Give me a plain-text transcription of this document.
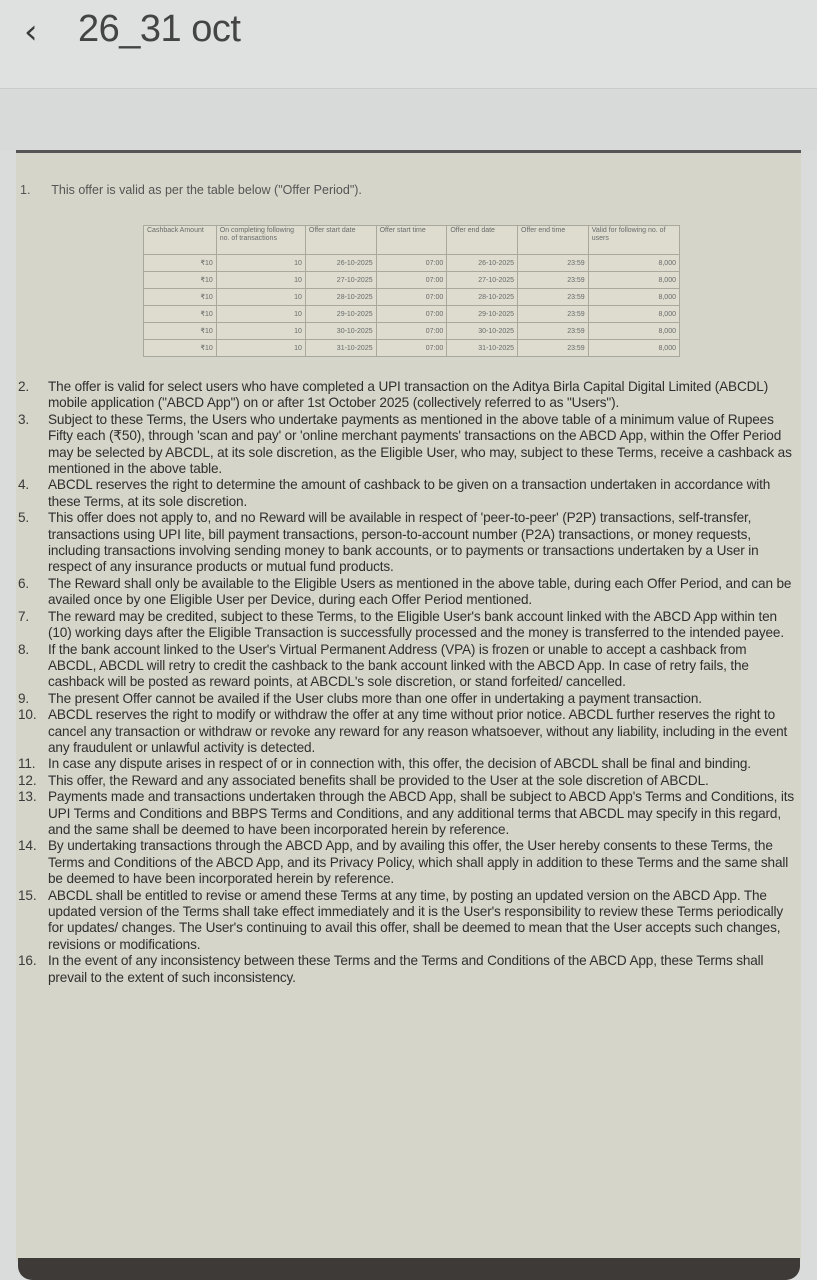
‹	26_31 oct
1. This offer is valid as per the table below ("Offer Period").
Cashback Amount	On completing following no. of transactions	Offer start date	Offer start time	Offer end date	Offer end time	Valid for following no. of users
₹10	10	26-10-2025	07:00	26-10-2025	23:59	8,000
₹10	10	27-10-2025	07:00	27-10-2025	23:59	8,000
₹10	10	28-10-2025	07:00	28-10-2025	23:59	8,000
₹10	10	29-10-2025	07:00	29-10-2025	23:59	8,000
₹10	10	30-10-2025	07:00	30-10-2025	23:59	8,000
₹10	10	31-10-2025	07:00	31-10-2025	23:59	8,000
2. The offer is valid for select users who have completed a UPI transaction on the Aditya Birla Capital Digital Limited (ABCDL) mobile application ("ABCD App") on or after 1st October 2025 (collectively referred to as "Users").
3. Subject to these Terms, the Users who undertake payments as mentioned in the above table of a minimum value of Rupees Fifty each (₹50), through 'scan and pay' or 'online merchant payments' transactions on the ABCD App, within the Offer Period may be selected by ABCDL, at its sole discretion, as the Eligible User, who may, subject to these Terms, receive a cashback as mentioned in the above table.
4. ABCDL reserves the right to determine the amount of cashback to be given on a transaction undertaken in accordance with these Terms, at its sole discretion.
5. This offer does not apply to, and no Reward will be available in respect of 'peer-to-peer' (P2P) transactions, self-transfer, transactions using UPI lite, bill payment transactions, person-to-account number (P2A) transactions, or money requests, including transactions involving sending money to bank accounts, or to payments or transactions undertaken by a User in respect of any insurance products or mutual fund products.
6. The Reward shall only be available to the Eligible Users as mentioned in the above table, during each Offer Period, and can be availed once by one Eligible User per Device, during each Offer Period mentioned.
7. The reward may be credited, subject to these Terms, to the Eligible User's bank account linked with the ABCD App within ten (10) working days after the Eligible Transaction is successfully processed and the money is transferred to the intended payee.
8. If the bank account linked to the User's Virtual Permanent Address (VPA) is frozen or unable to accept a cashback from ABCDL, ABCDL will retry to credit the cashback to the bank account linked with the ABCD App. In case of retry fails, the cashback will be posted as reward points, at ABCDL's sole discretion, or stand forfeited/ cancelled.
9. The present Offer cannot be availed if the User clubs more than one offer in undertaking a payment transaction.
10. ABCDL reserves the right to modify or withdraw the offer at any time without prior notice. ABCDL further reserves the right to cancel any transaction or withdraw or revoke any reward for any reason whatsoever, without any liability, including in the event any fraudulent or unlawful activity is detected.
11. In case any dispute arises in respect of or in connection with, this offer, the decision of ABCDL shall be final and binding.
12. This offer, the Reward and any associated benefits shall be provided to the User at the sole discretion of ABCDL.
13. Payments made and transactions undertaken through the ABCD App, shall be subject to ABCD App's Terms and Conditions, its UPI Terms and Conditions and BBPS Terms and Conditions, and any additional terms that ABCDL may specify in this regard, and the same shall be deemed to have been incorporated herein by reference.
14. By undertaking transactions through the ABCD App, and by availing this offer, the User hereby consents to these Terms, the Terms and Conditions of the ABCD App, and its Privacy Policy, which shall apply in addition to these Terms and the same shall be deemed to have been incorporated herein by reference.
15. ABCDL shall be entitled to revise or amend these Terms at any time, by posting an updated version on the ABCD App. The updated version of the Terms shall take effect immediately and it is the User's responsibility to review these Terms periodically for updates/ changes. The User's continuing to avail this offer, shall be deemed to mean that the User accepts such changes, revisions or modifications.
16. In the event of any inconsistency between these Terms and the Terms and Conditions of the ABCD App, these Terms shall prevail to the extent of such inconsistency.
